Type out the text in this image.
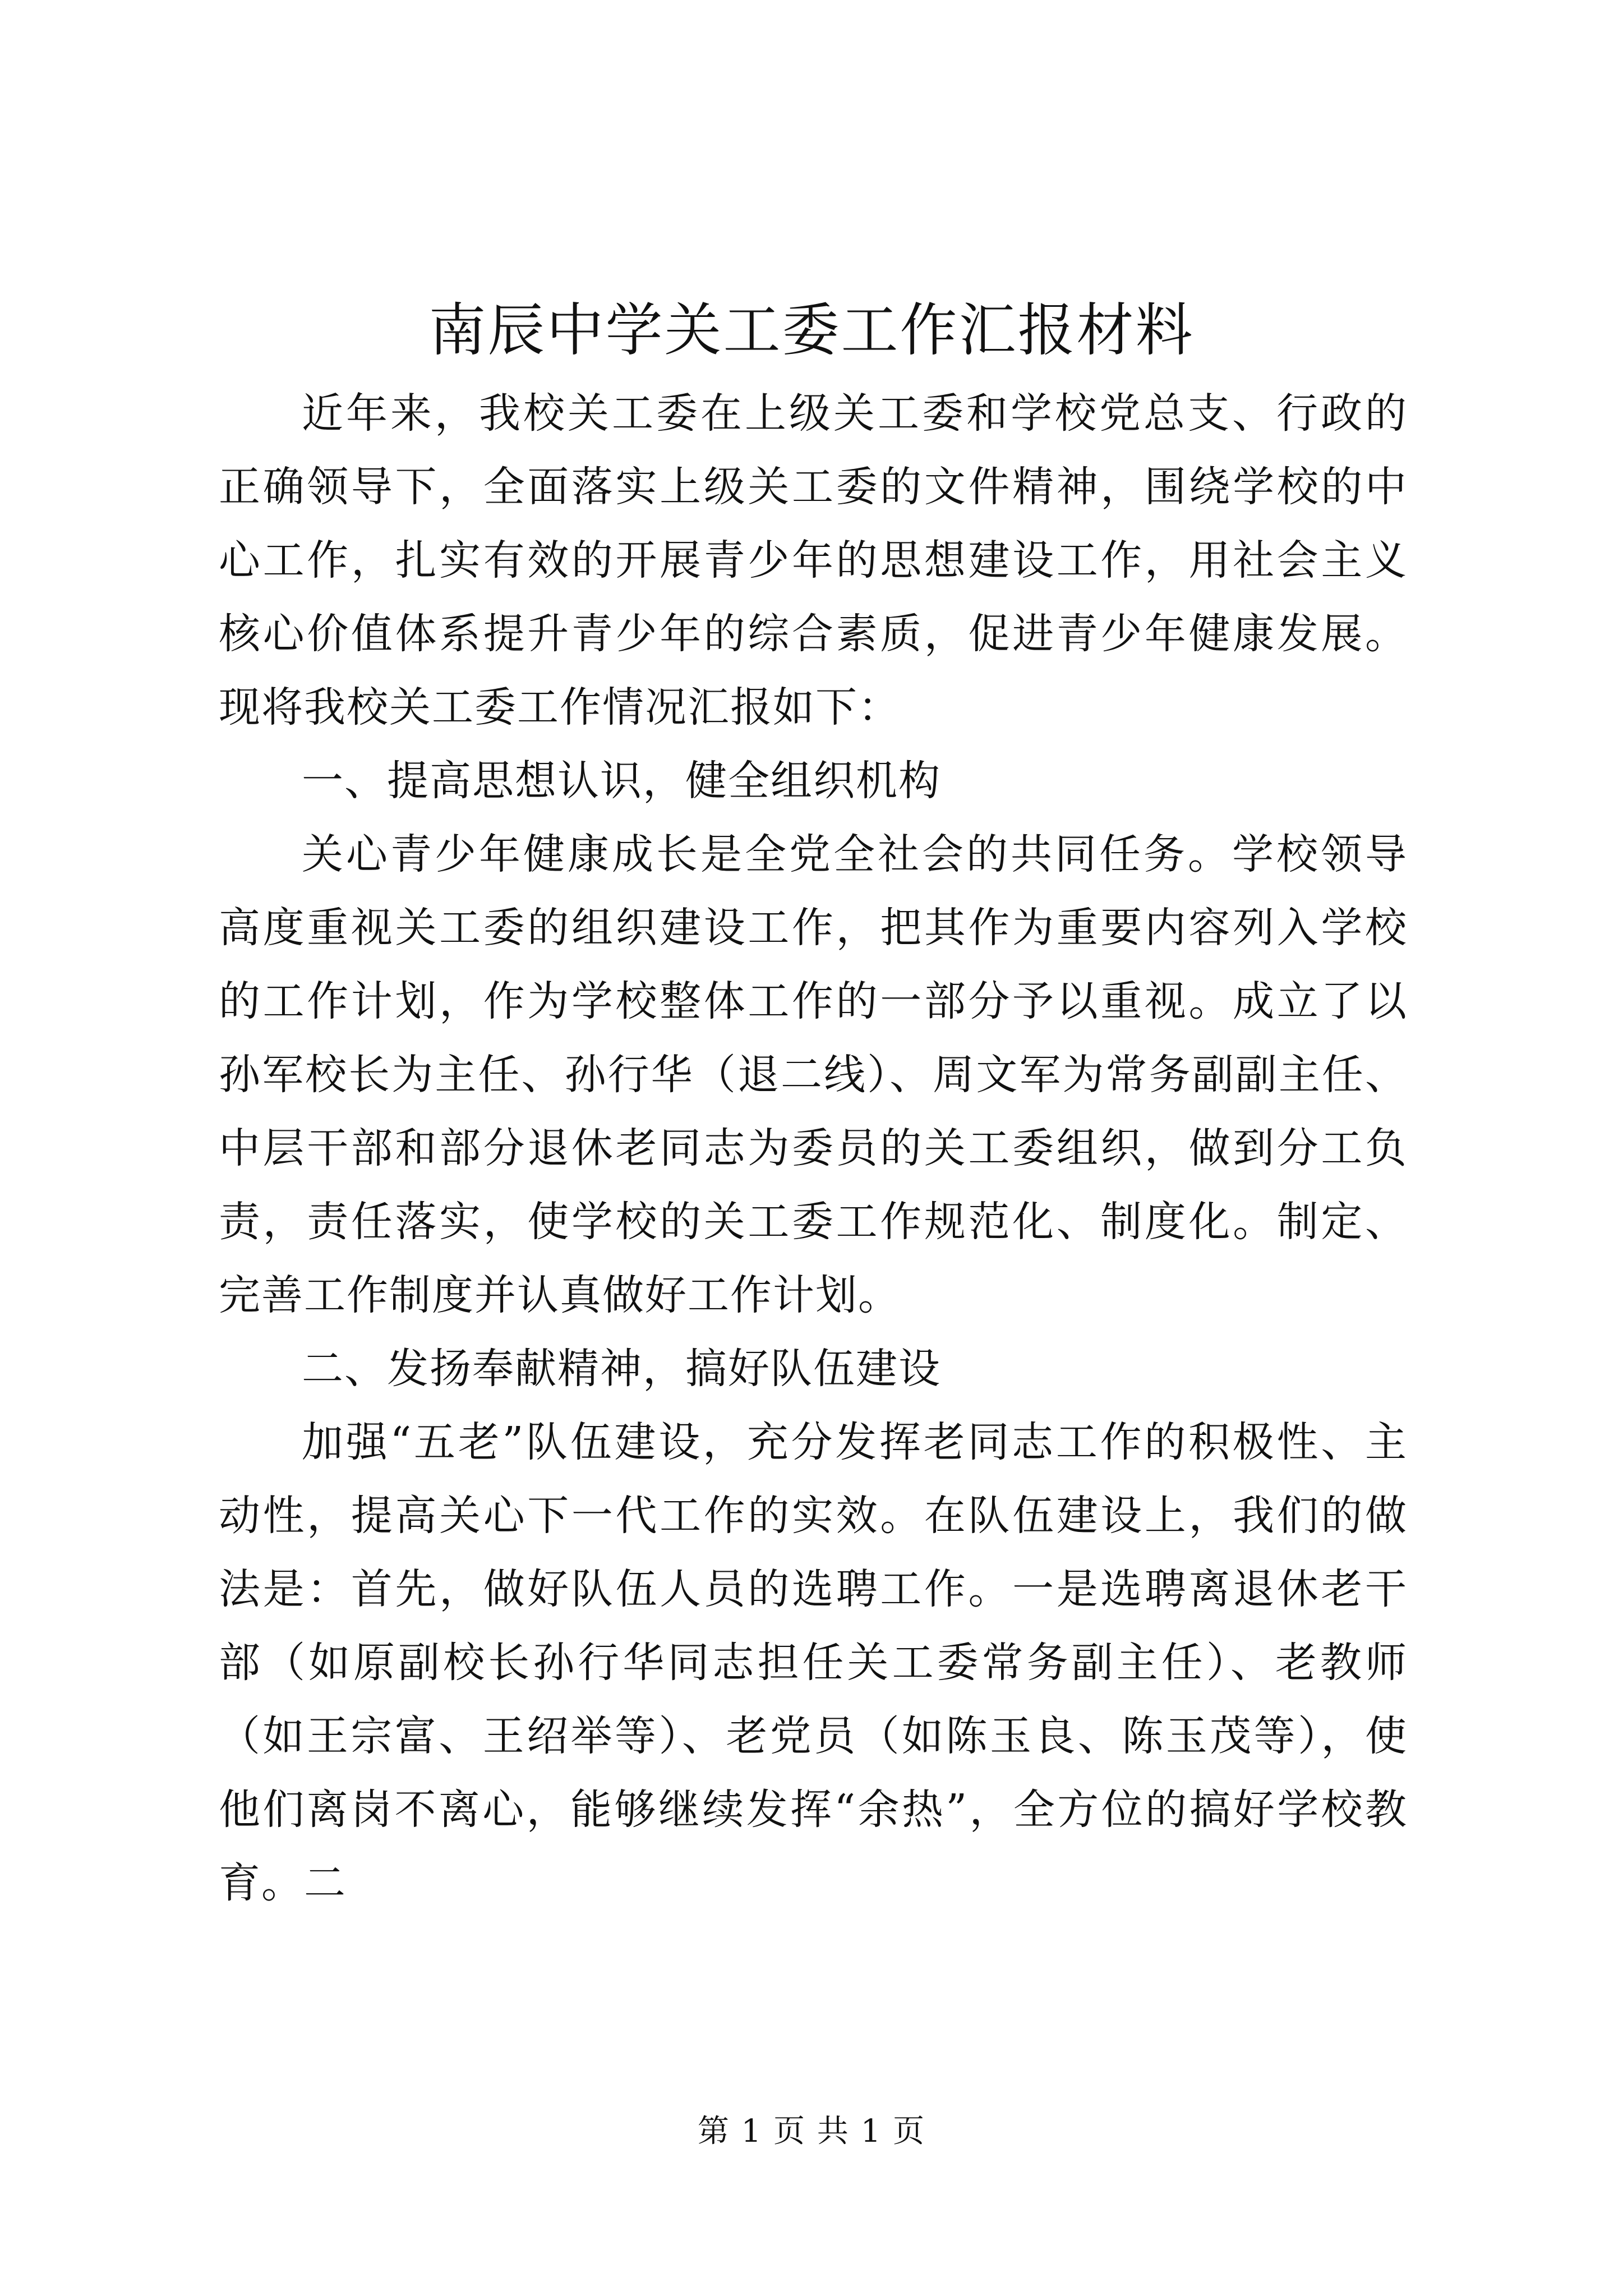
南辰中学关工委工作汇报材料

近年来，我校关工委在上级关工委和学校党总支、行政的正确领导下，全面落实上级关工委的文件精神，围绕学校的中心工作，扎实有效的开展青少年的思想建设工作，用社会主义核心价值体系提升青少年的综合素质，促进青少年健康发展。现将我校关工委工作情况汇报如下：

一、提高思想认识，健全组织机构

关心青少年健康成长是全党全社会的共同任务。学校领导高度重视关工委的组织建设工作，把其作为重要内容列入学校的工作计划，作为学校整体工作的一部分予以重视。成立了以孙军校长为主任、孙行华（退二线）、周文军为常务副副主任、中层干部和部分退休老同志为委员的关工委组织，做到分工负责，责任落实，使学校的关工委工作规范化、制度化。制定、完善工作制度并认真做好工作计划。

二、发扬奉献精神，搞好队伍建设

加强“五老”队伍建设，充分发挥老同志工作的积极性、主动性，提高关心下一代工作的实效。在队伍建设上，我们的做法是：首先，做好队伍人员的选聘工作。一是选聘离退休老干部（如原副校长孙行华同志担任关工委常务副主任）、老教师（如王宗富、王绍举等）、老党员（如陈玉良、陈玉茂等），使他们离岗不离心，能够继续发挥“余热”，全方位的搞好学校教育。二

第 1 页 共 1 页
